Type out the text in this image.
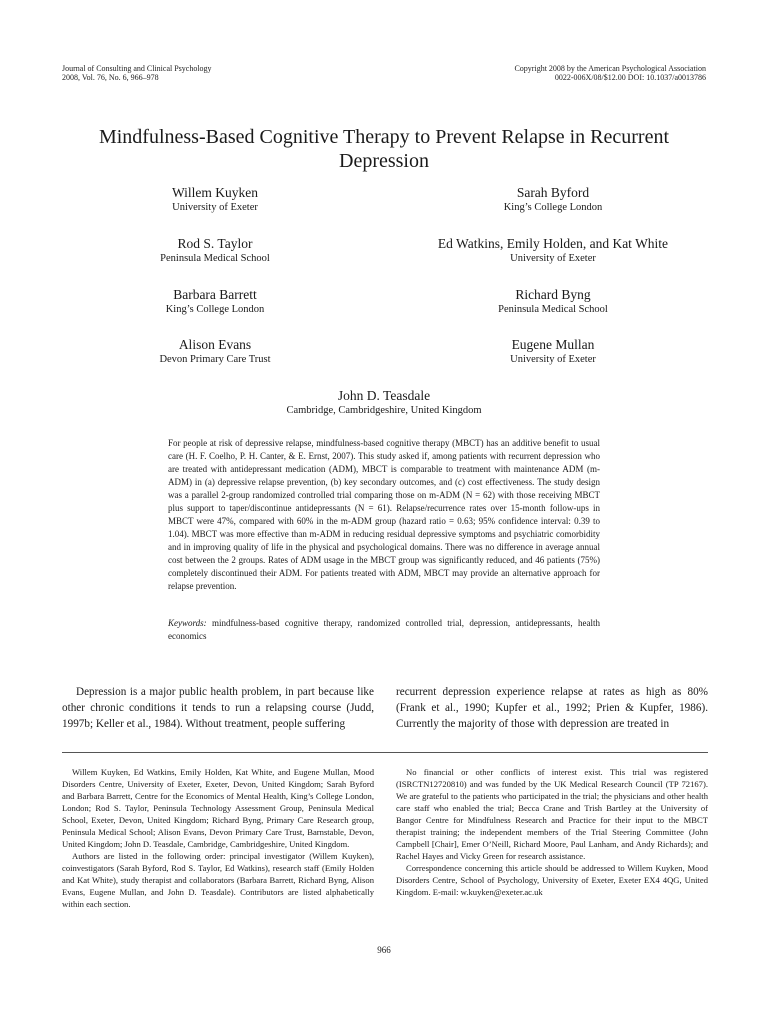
Journal of Consulting and Clinical Psychology
2008, Vol. 76, No. 6, 966–978
Copyright 2008 by the American Psychological Association
0022-006X/08/$12.00 DOI: 10.1037/a0013786
Mindfulness-Based Cognitive Therapy to Prevent Relapse in Recurrent Depression
Willem Kuyken
University of Exeter
Sarah Byford
King’s College London
Rod S. Taylor
Peninsula Medical School
Ed Watkins, Emily Holden, and Kat White
University of Exeter
Barbara Barrett
King’s College London
Richard Byng
Peninsula Medical School
Alison Evans
Devon Primary Care Trust
Eugene Mullan
University of Exeter
John D. Teasdale
Cambridge, Cambridgeshire, United Kingdom
For people at risk of depressive relapse, mindfulness-based cognitive therapy (MBCT) has an additive benefit to usual care (H. F. Coelho, P. H. Canter, & E. Ernst, 2007). This study asked if, among patients with recurrent depression who are treated with antidepressant medication (ADM), MBCT is comparable to treatment with maintenance ADM (m-ADM) in (a) depressive relapse prevention, (b) key secondary outcomes, and (c) cost effectiveness. The study design was a parallel 2-group randomized controlled trial comparing those on m-ADM (N = 62) with those receiving MBCT plus support to taper/discontinue antidepressants (N = 61). Relapse/recurrence rates over 15-month follow-ups in MBCT were 47%, compared with 60% in the m-ADM group (hazard ratio = 0.63; 95% confidence interval: 0.39 to 1.04). MBCT was more effective than m-ADM in reducing residual depressive symptoms and psychiatric comorbidity and in improving quality of life in the physical and psychological domains. There was no difference in average annual cost between the 2 groups. Rates of ADM usage in the MBCT group was significantly reduced, and 46 patients (75%) completely discontinued their ADM. For patients treated with ADM, MBCT may provide an alternative approach for relapse prevention.
Keywords: mindfulness-based cognitive therapy, randomized controlled trial, depression, antidepressants, health economics
Depression is a major public health problem, in part because like other chronic conditions it tends to run a relapsing course (Judd, 1997b; Keller et al., 1984). Without treatment, people suffering
recurrent depression experience relapse at rates as high as 80% (Frank et al., 1990; Kupfer et al., 1992; Prien & Kupfer, 1986). Currently the majority of those with depression are treated in

Willem Kuyken, Ed Watkins, Emily Holden, Kat White, and Eugene Mullan, Mood Disorders Centre, University of Exeter, Exeter, Devon, United Kingdom; Sarah Byford and Barbara Barrett, Centre for the Economics of Mental Health, King’s College London, London; Rod S. Taylor, Peninsula Technology Assessment Group, Peninsula Medical School, Exeter, Devon, United Kingdom; Richard Byng, Primary Care Research group, Peninsula Medical School; Alison Evans, Devon Primary Care Trust, Barnstable, Devon, United Kingdom; John D. Teasdale, Cambridge, Cambridgeshire, United Kingdom.

Authors are listed in the following order: principal investigator (Willem Kuyken), coinvestigators (Sarah Byford, Rod S. Taylor, Ed Watkins), research staff (Emily Holden and Kat White), study therapist and collaborators (Barbara Barrett, Richard Byng, Alison Evans, Eugene Mullan, and John D. Teasdale). Contributors are listed alphabetically within each section.

No financial or other conflicts of interest exist. This trial was registered (ISRCTN12720810) and was funded by the UK Medical Research Council (TP 72167). We are grateful to the patients who participated in the trial; the physicians and other health care staff who enabled the trial; Becca Crane and Trish Bartley at the University of Bangor Centre for Mindfulness Research and Practice for their input to the MBCT therapist training; the independent members of the Trial Steering Committee (John Campbell [Chair], Emer O’Neill, Richard Moore, Paul Lanham, and Andy Richards); and Rachel Hayes and Vicky Green for research assistance.

Correspondence concerning this article should be addressed to Willem Kuyken, Mood Disorders Centre, School of Psychology, University of Exeter, Exeter EX4 4QG, United Kingdom. E-mail: w.kuyken@exeter.ac.uk

966
